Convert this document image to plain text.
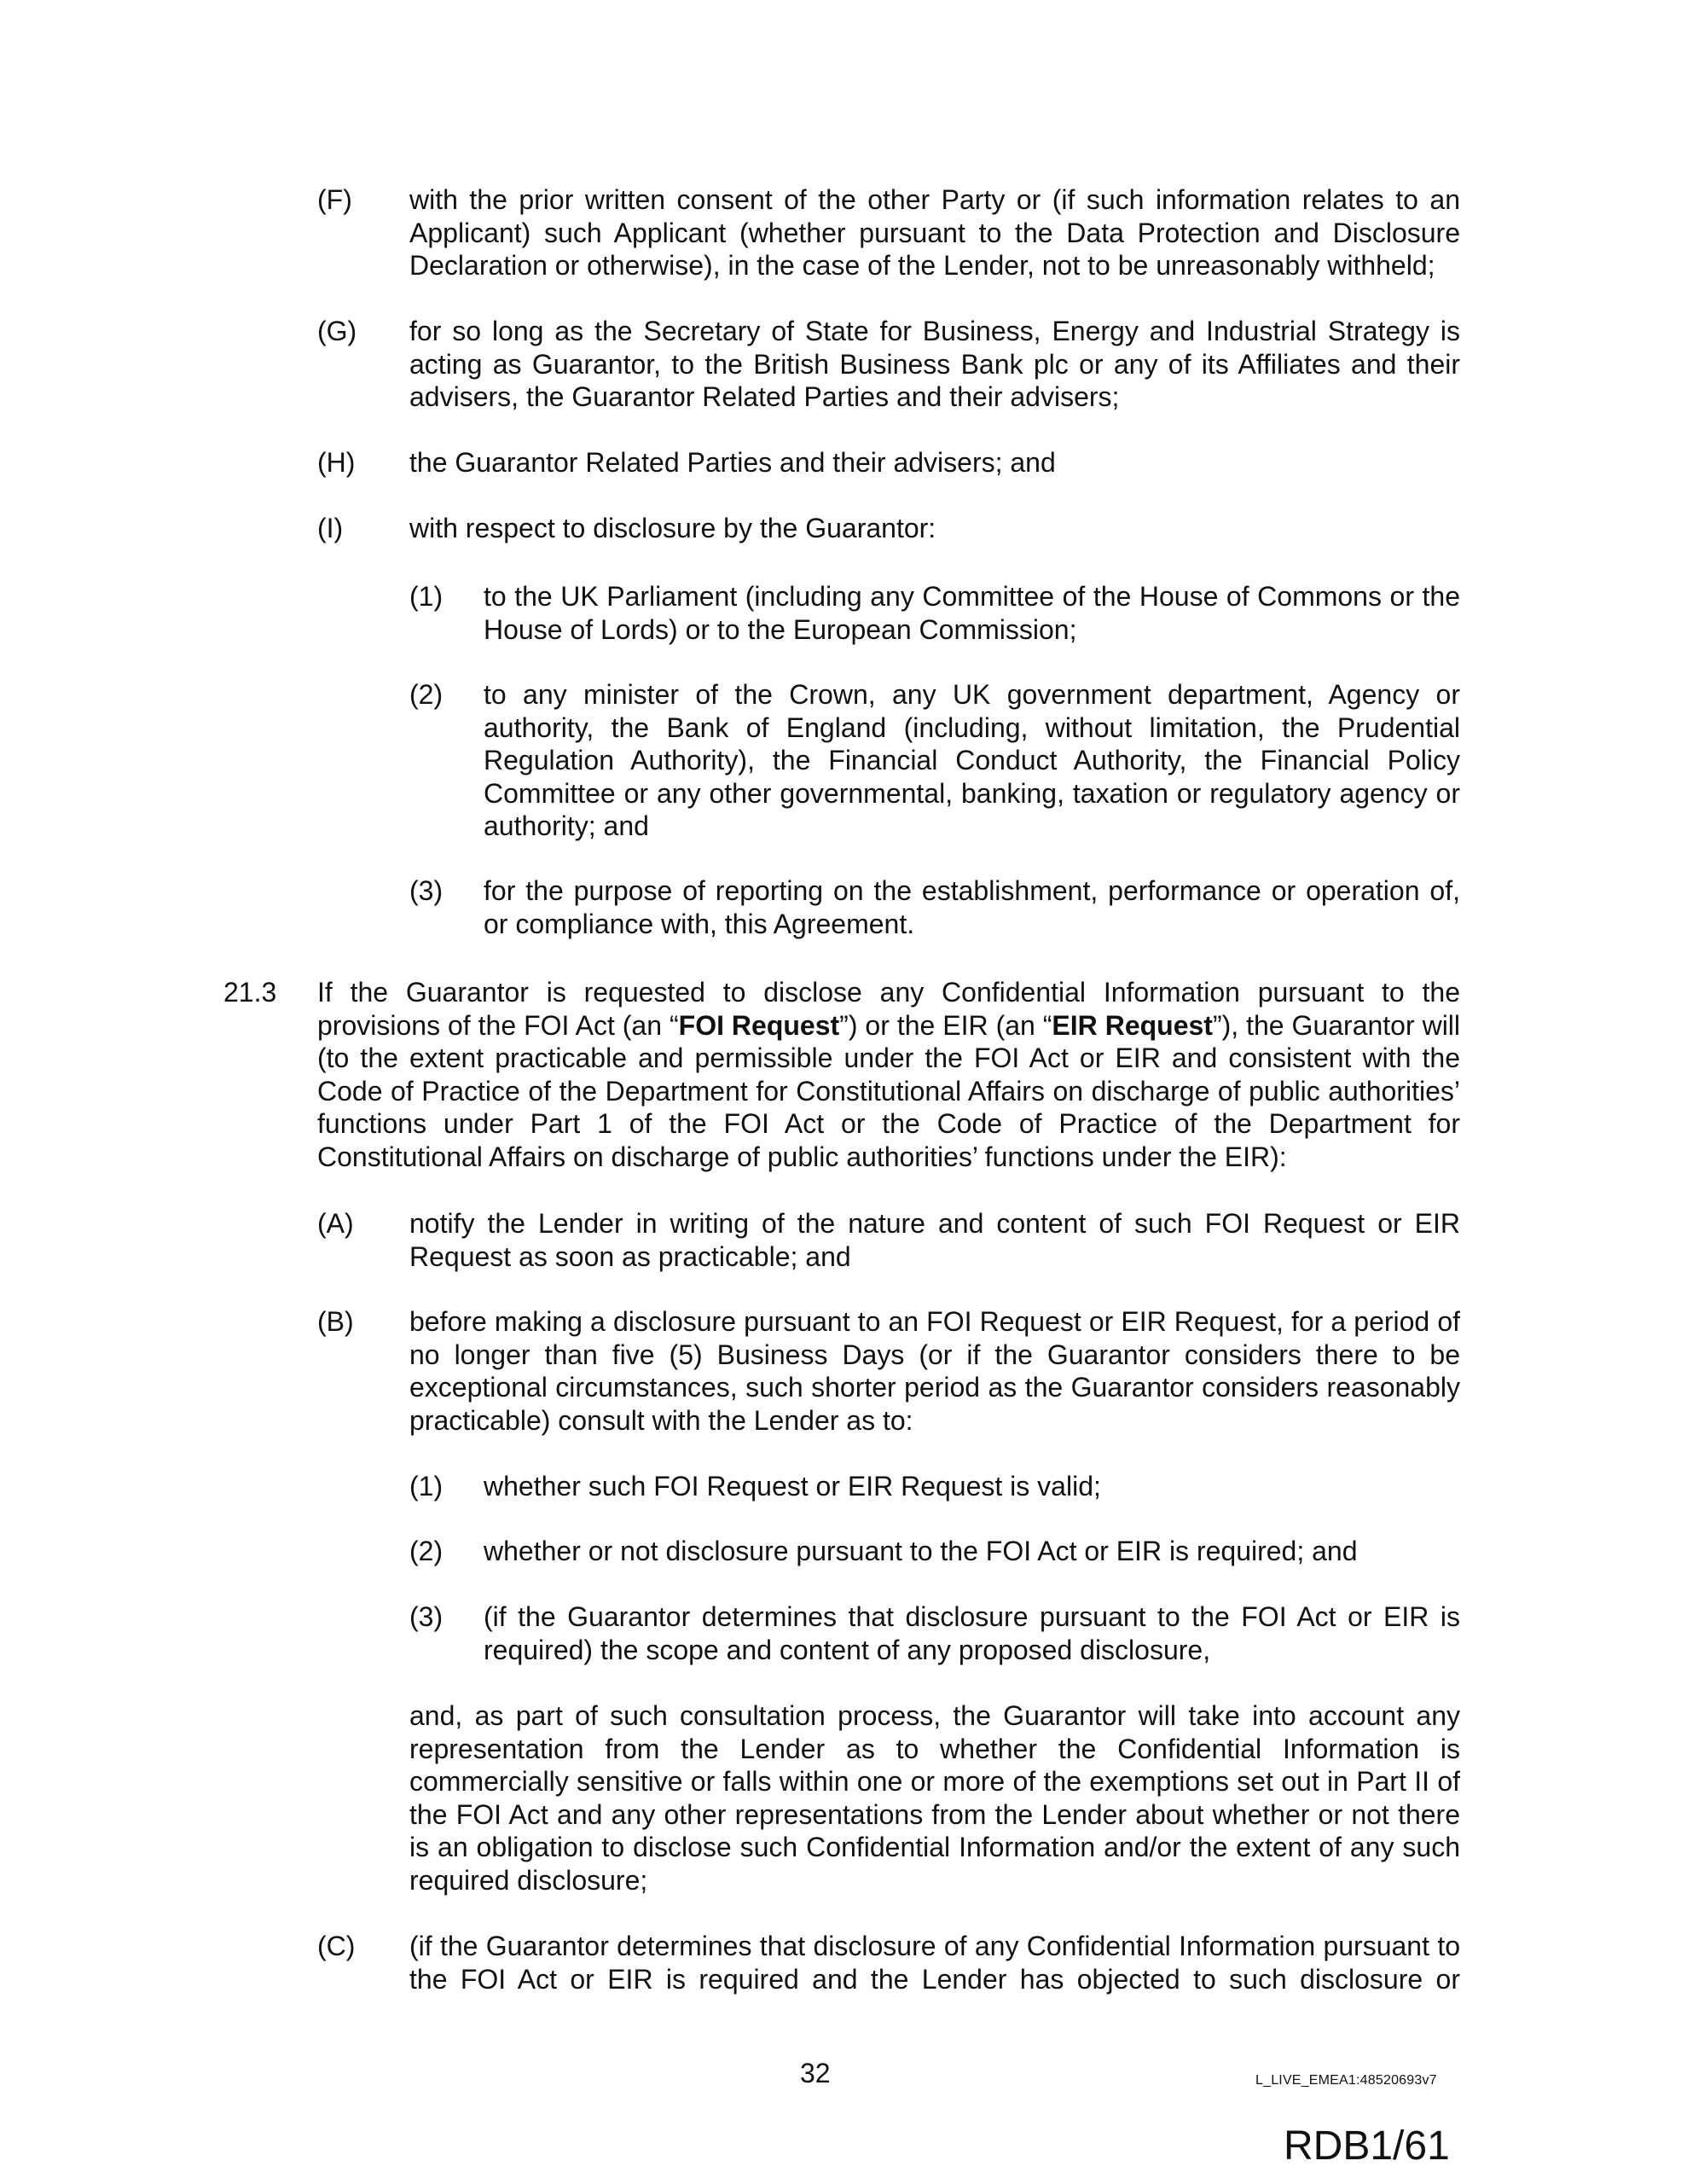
(F) with the prior written consent of the other Party or (if such information relates to an Applicant) such Applicant (whether pursuant to the Data Protection and Disclosure Declaration or otherwise), in the case of the Lender, not to be unreasonably withheld;
(G) for so long as the Secretary of State for Business, Energy and Industrial Strategy is acting as Guarantor, to the British Business Bank plc or any of its Affiliates and their advisers, the Guarantor Related Parties and their advisers;
(H) the Guarantor Related Parties and their advisers; and
(I) with respect to disclosure by the Guarantor:
(1) to the UK Parliament (including any Committee of the House of Commons or the House of Lords) or to the European Commission;
(2) to any minister of the Crown, any UK government department, Agency or authority, the Bank of England (including, without limitation, the Prudential Regulation Authority), the Financial Conduct Authority, the Financial Policy Committee or any other governmental, banking, taxation or regulatory agency or authority; and
(3) for the purpose of reporting on the establishment, performance or operation of, or compliance with, this Agreement.
21.3 If the Guarantor is requested to disclose any Confidential Information pursuant to the provisions of the FOI Act (an “FOI Request”) or the EIR (an “EIR Request”), the Guarantor will (to the extent practicable and permissible under the FOI Act or EIR and consistent with the Code of Practice of the Department for Constitutional Affairs on discharge of public authorities’ functions under Part 1 of the FOI Act or the Code of Practice of the Department for Constitutional Affairs on discharge of public authorities’ functions under the EIR):
(A) notify the Lender in writing of the nature and content of such FOI Request or EIR Request as soon as practicable; and
(B) before making a disclosure pursuant to an FOI Request or EIR Request, for a period of no longer than five (5) Business Days (or if the Guarantor considers there to be exceptional circumstances, such shorter period as the Guarantor considers reasonably practicable) consult with the Lender as to:
(1) whether such FOI Request or EIR Request is valid;
(2) whether or not disclosure pursuant to the FOI Act or EIR is required; and
(3) (if the Guarantor determines that disclosure pursuant to the FOI Act or EIR is required) the scope and content of any proposed disclosure,
and, as part of such consultation process, the Guarantor will take into account any representation from the Lender as to whether the Confidential Information is commercially sensitive or falls within one or more of the exemptions set out in Part II of the FOI Act and any other representations from the Lender about whether or not there is an obligation to disclose such Confidential Information and/or the extent of any such required disclosure;
(C) (if the Guarantor determines that disclosure of any Confidential Information pursuant to the FOI Act or EIR is required and the Lender has objected to such disclosure or
32	L_LIVE_EMEA1:48520693v7
RDB1/61
